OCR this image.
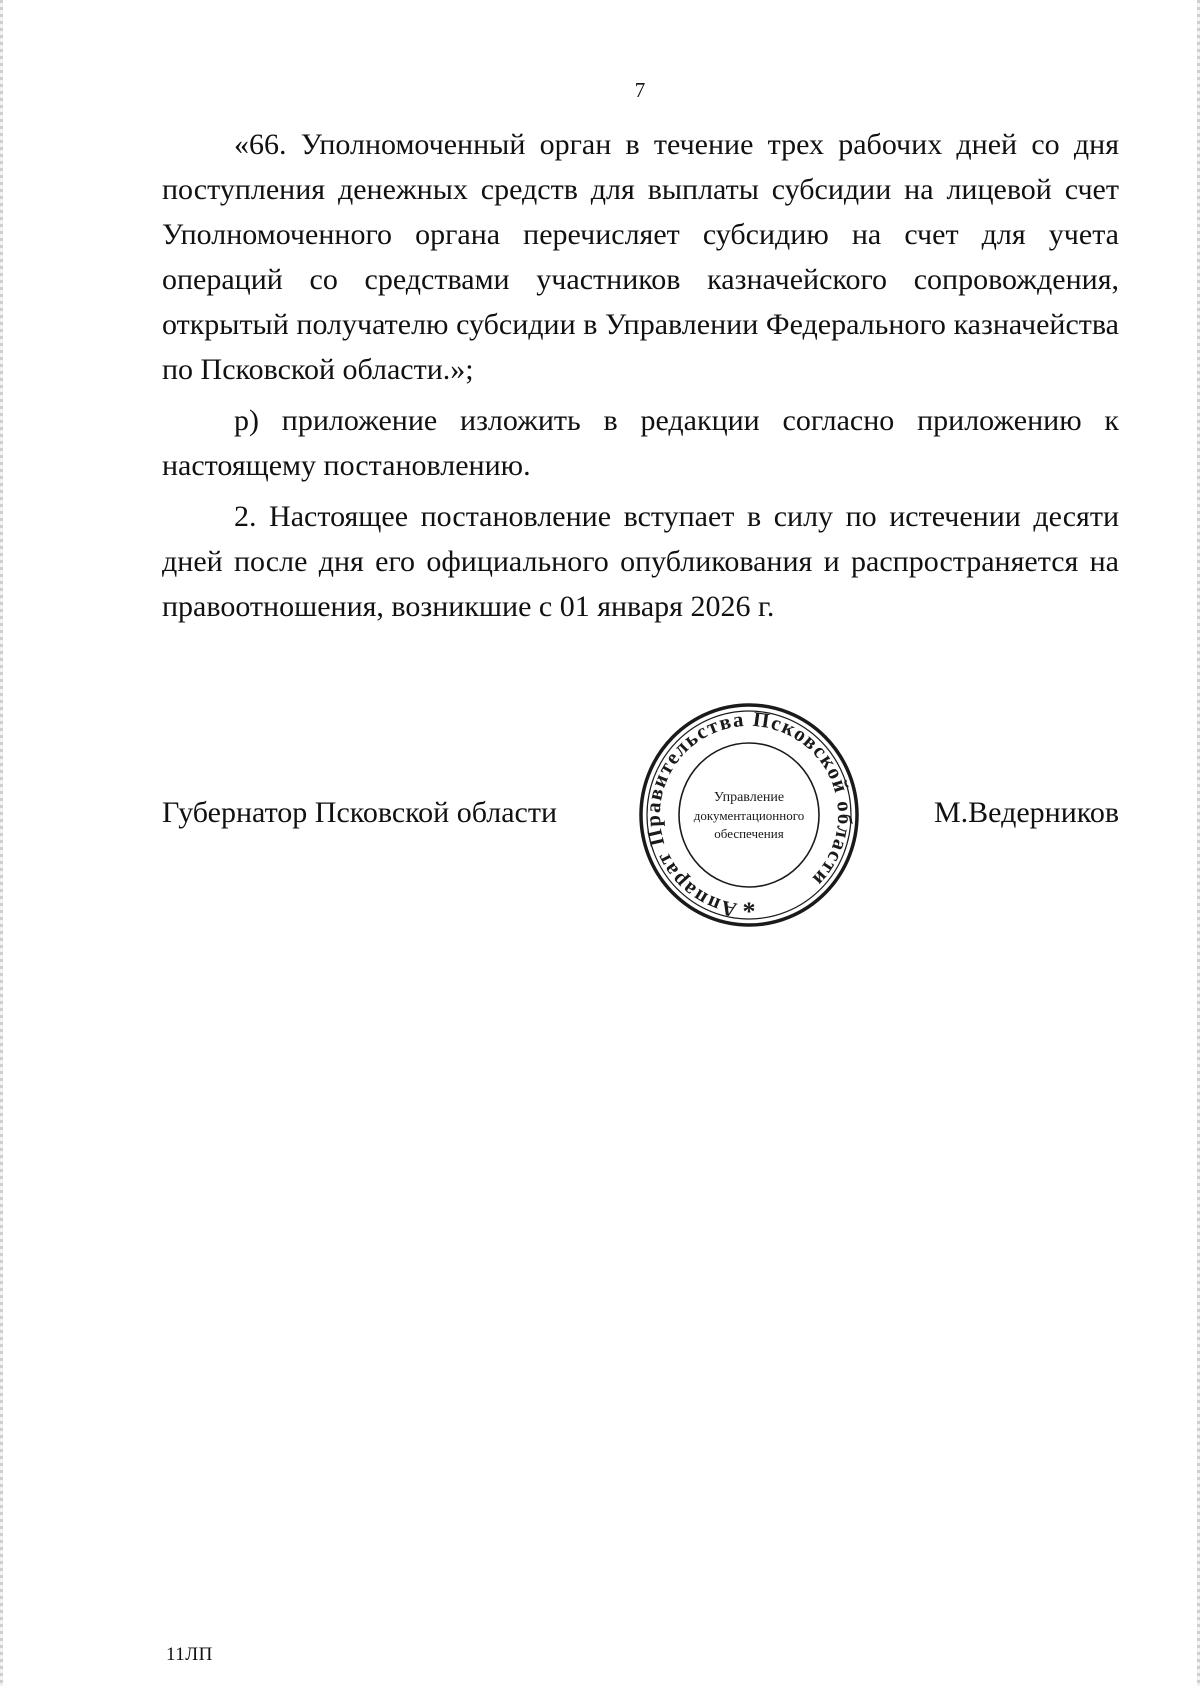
7

«66. Уполномоченный орган в течение трех рабочих дней со дня поступления денежных средств для выплаты субсидии на лицевой счет Уполномоченного органа перечисляет субсидию на счет для учета операций со средствами участников казначейского сопровождения, открытый получателю субсидии в Управлении Федерального казначейства по Псковской области.»;

р) приложение изложить в редакции согласно приложению к настоящему постановлению.

2. Настоящее постановление вступает в силу по истечении десяти дней после дня его официального опубликования и распространяется на правоотношения, возникшие с 01 января 2026 г.

Губернатор Псковской области	М.Ведерников
Аппарат Правительства Псковской области
Управление
документационного
обеспечения
*
11ЛП
